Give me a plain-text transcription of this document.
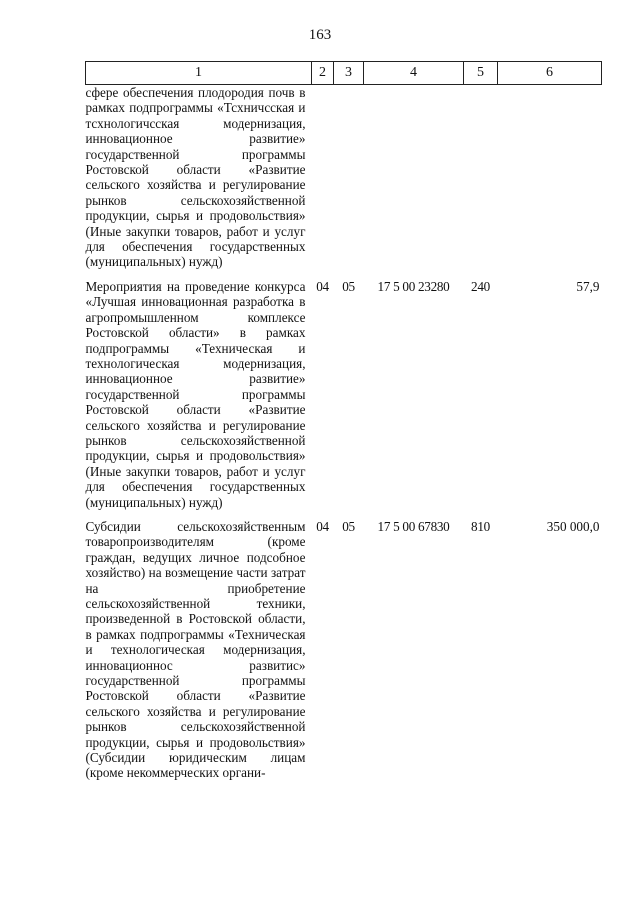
163
1	2	3	4	5	6
сфере обеспечения плодородия почв в рамках подпрограммы «Тсхничсская и тсхнологичсская модернизация, инновационное развитие» государственной программы Ростовской области «Развитие сельского хозяйства и регулирование рынков сельскохозяйственной продукции, сырья и продовольствия» (Иные закупки товаров, работ и услуг для обеспечения государственных (муниципальных) нужд)					

Мероприятия на проведение конкурса «Лучшая инновационная разработка в агропромышленном комплексе Ростовской области» в рамках подпрограммы «Техническая и технологическая модернизация, инновационное развитие» государственной программы Ростовской области «Развитие сельского хозяйства и регулирование рынков сельскохозяйственной продукции, сырья и продовольствия» (Иные закупки товаров, работ и услуг для обеспечения государственных (муниципальных) нужд)	04	05	17 5 00 23280	240	57,9

Субсидии сельскохозяйственным товаропроизводителям (кроме граждан, ведущих личное подсобное хозяйство) на возмещение части затрат на приобретение сельскохозяйственной техники, произведенной в Ростовской области, в рамках подпрограммы «Техническая и технологическая модернизация, инновационнос развитис» государственной программы Ростовской области «Развитие сельского хозяйства и регулирование рынков сельскохозяйственной продукции, сырья и продовольствия» (Субсидии юридическим лицам (кроме некоммерческих органи-	04	05	17 5 00 67830	810	350 000,0
